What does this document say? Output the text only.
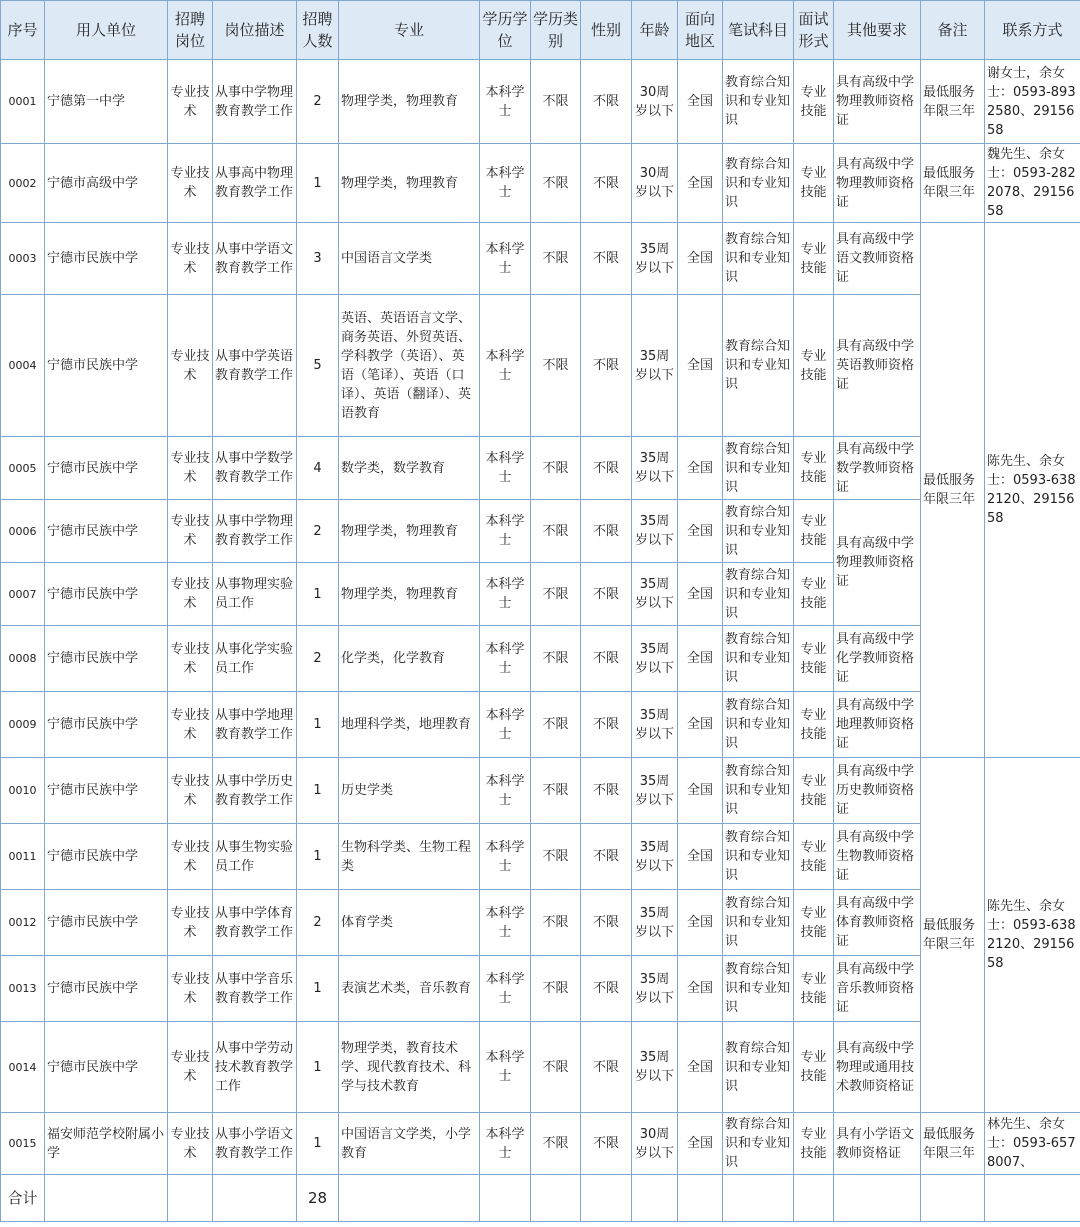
序号	用人单位	招聘岗位	岗位描述	招聘人数	专业	学历学位	学历类别	性别	年龄	面向地区	笔试科目	面试形式	其他要求	备注	联系方式
0001	宁德第一中学	专业技术	从事中学物理教育教学工作	2	物理学类，物理教育	本科学士	不限	不限	30周岁以下	全国	教育综合知识和专业知识	专业技能	具有高级中学物理教师资格证	最低服务年限三年	谢女士，余女士：0593-8932580、2915658
0002	宁德市高级中学	专业技术	从事高中物理教育教学工作	1	物理学类，物理教育	本科学士	不限	不限	30周岁以下	全国	教育综合知识和专业知识	专业技能	具有高级中学物理教师资格证	最低服务年限三年	魏先生、余女士：0593-2822078、2915658
0003	宁德市民族中学	专业技术	从事中学语文教育教学工作	3	中国语言文学类	本科学士	不限	不限	35周岁以下	全国	教育综合知识和专业知识	专业技能	具有高级中学语文教师资格证	最低服务年限三年	陈先生、余女士：0593-6382120、2915658
0004	宁德市民族中学	专业技术	从事中学英语教育教学工作	5	英语、英语语言文学、商务英语、外贸英语、学科教学（英语）、英语（笔译）、英语（口译）、英语（翻译）、英语教育	本科学士	不限	不限	35周岁以下	全国	教育综合知识和专业知识	专业技能	具有高级中学英语教师资格证		
0005	宁德市民族中学	专业技术	从事中学数学教育教学工作	4	数学类，数学教育	本科学士	不限	不限	35周岁以下	全国	教育综合知识和专业知识	专业技能	具有高级中学数学教师资格证		
0006	宁德市民族中学	专业技术	从事中学物理教育教学工作	2	物理学类，物理教育	本科学士	不限	不限	35周岁以下	全国	教育综合知识和专业知识	专业技能	具有高级中学物理教师资格证		
0007	宁德市民族中学	专业技术	从事物理实验员工作	1	物理学类，物理教育	本科学士	不限	不限	35周岁以下	全国	教育综合知识和专业知识	专业技能			
0008	宁德市民族中学	专业技术	从事化学实验员工作	2	化学类，化学教育	本科学士	不限	不限	35周岁以下	全国	教育综合知识和专业知识	专业技能	具有高级中学化学教师资格证		
0009	宁德市民族中学	专业技术	从事中学地理教育教学工作	1	地理科学类，地理教育	本科学士	不限	不限	35周岁以下	全国	教育综合知识和专业知识	专业技能	具有高级中学地理教师资格证		
0010	宁德市民族中学	专业技术	从事中学历史教育教学工作	1	历史学类	本科学士	不限	不限	35周岁以下	全国	教育综合知识和专业知识	专业技能	具有高级中学历史教师资格证	最低服务年限三年	陈先生、余女士：0593-6382120、2915658
0011	宁德市民族中学	专业技术	从事生物实验员工作	1	生物科学类、生物工程类	本科学士	不限	不限	35周岁以下	全国	教育综合知识和专业知识	专业技能	具有高级中学生物教师资格证		
0012	宁德市民族中学	专业技术	从事中学体育教育教学工作	2	体育学类	本科学士	不限	不限	35周岁以下	全国	教育综合知识和专业知识	专业技能	具有高级中学体育教师资格证		
0013	宁德市民族中学	专业技术	从事中学音乐教育教学工作	1	表演艺术类，音乐教育	本科学士	不限	不限	35周岁以下	全国	教育综合知识和专业知识	专业技能	具有高级中学音乐教师资格证		
0014	宁德市民族中学	专业技术	从事中学劳动技术教育教学工作	1	物理学类，教育技术学、现代教育技术、科学与技术教育	本科学士	不限	不限	35周岁以下	全国	教育综合知识和专业知识	专业技能	具有高级中学物理或通用技术教师资格证		
0015	福安师范学校附属小学	专业技术	从事小学语文教育教学工作	1	中国语言文学类，小学教育	本科学士	不限	不限	30周岁以下	全国	教育综合知识和专业知识	专业技能	具有小学语文教师资格证	最低服务年限三年	林先生、余女士：0593-6578007、
合计				28											
